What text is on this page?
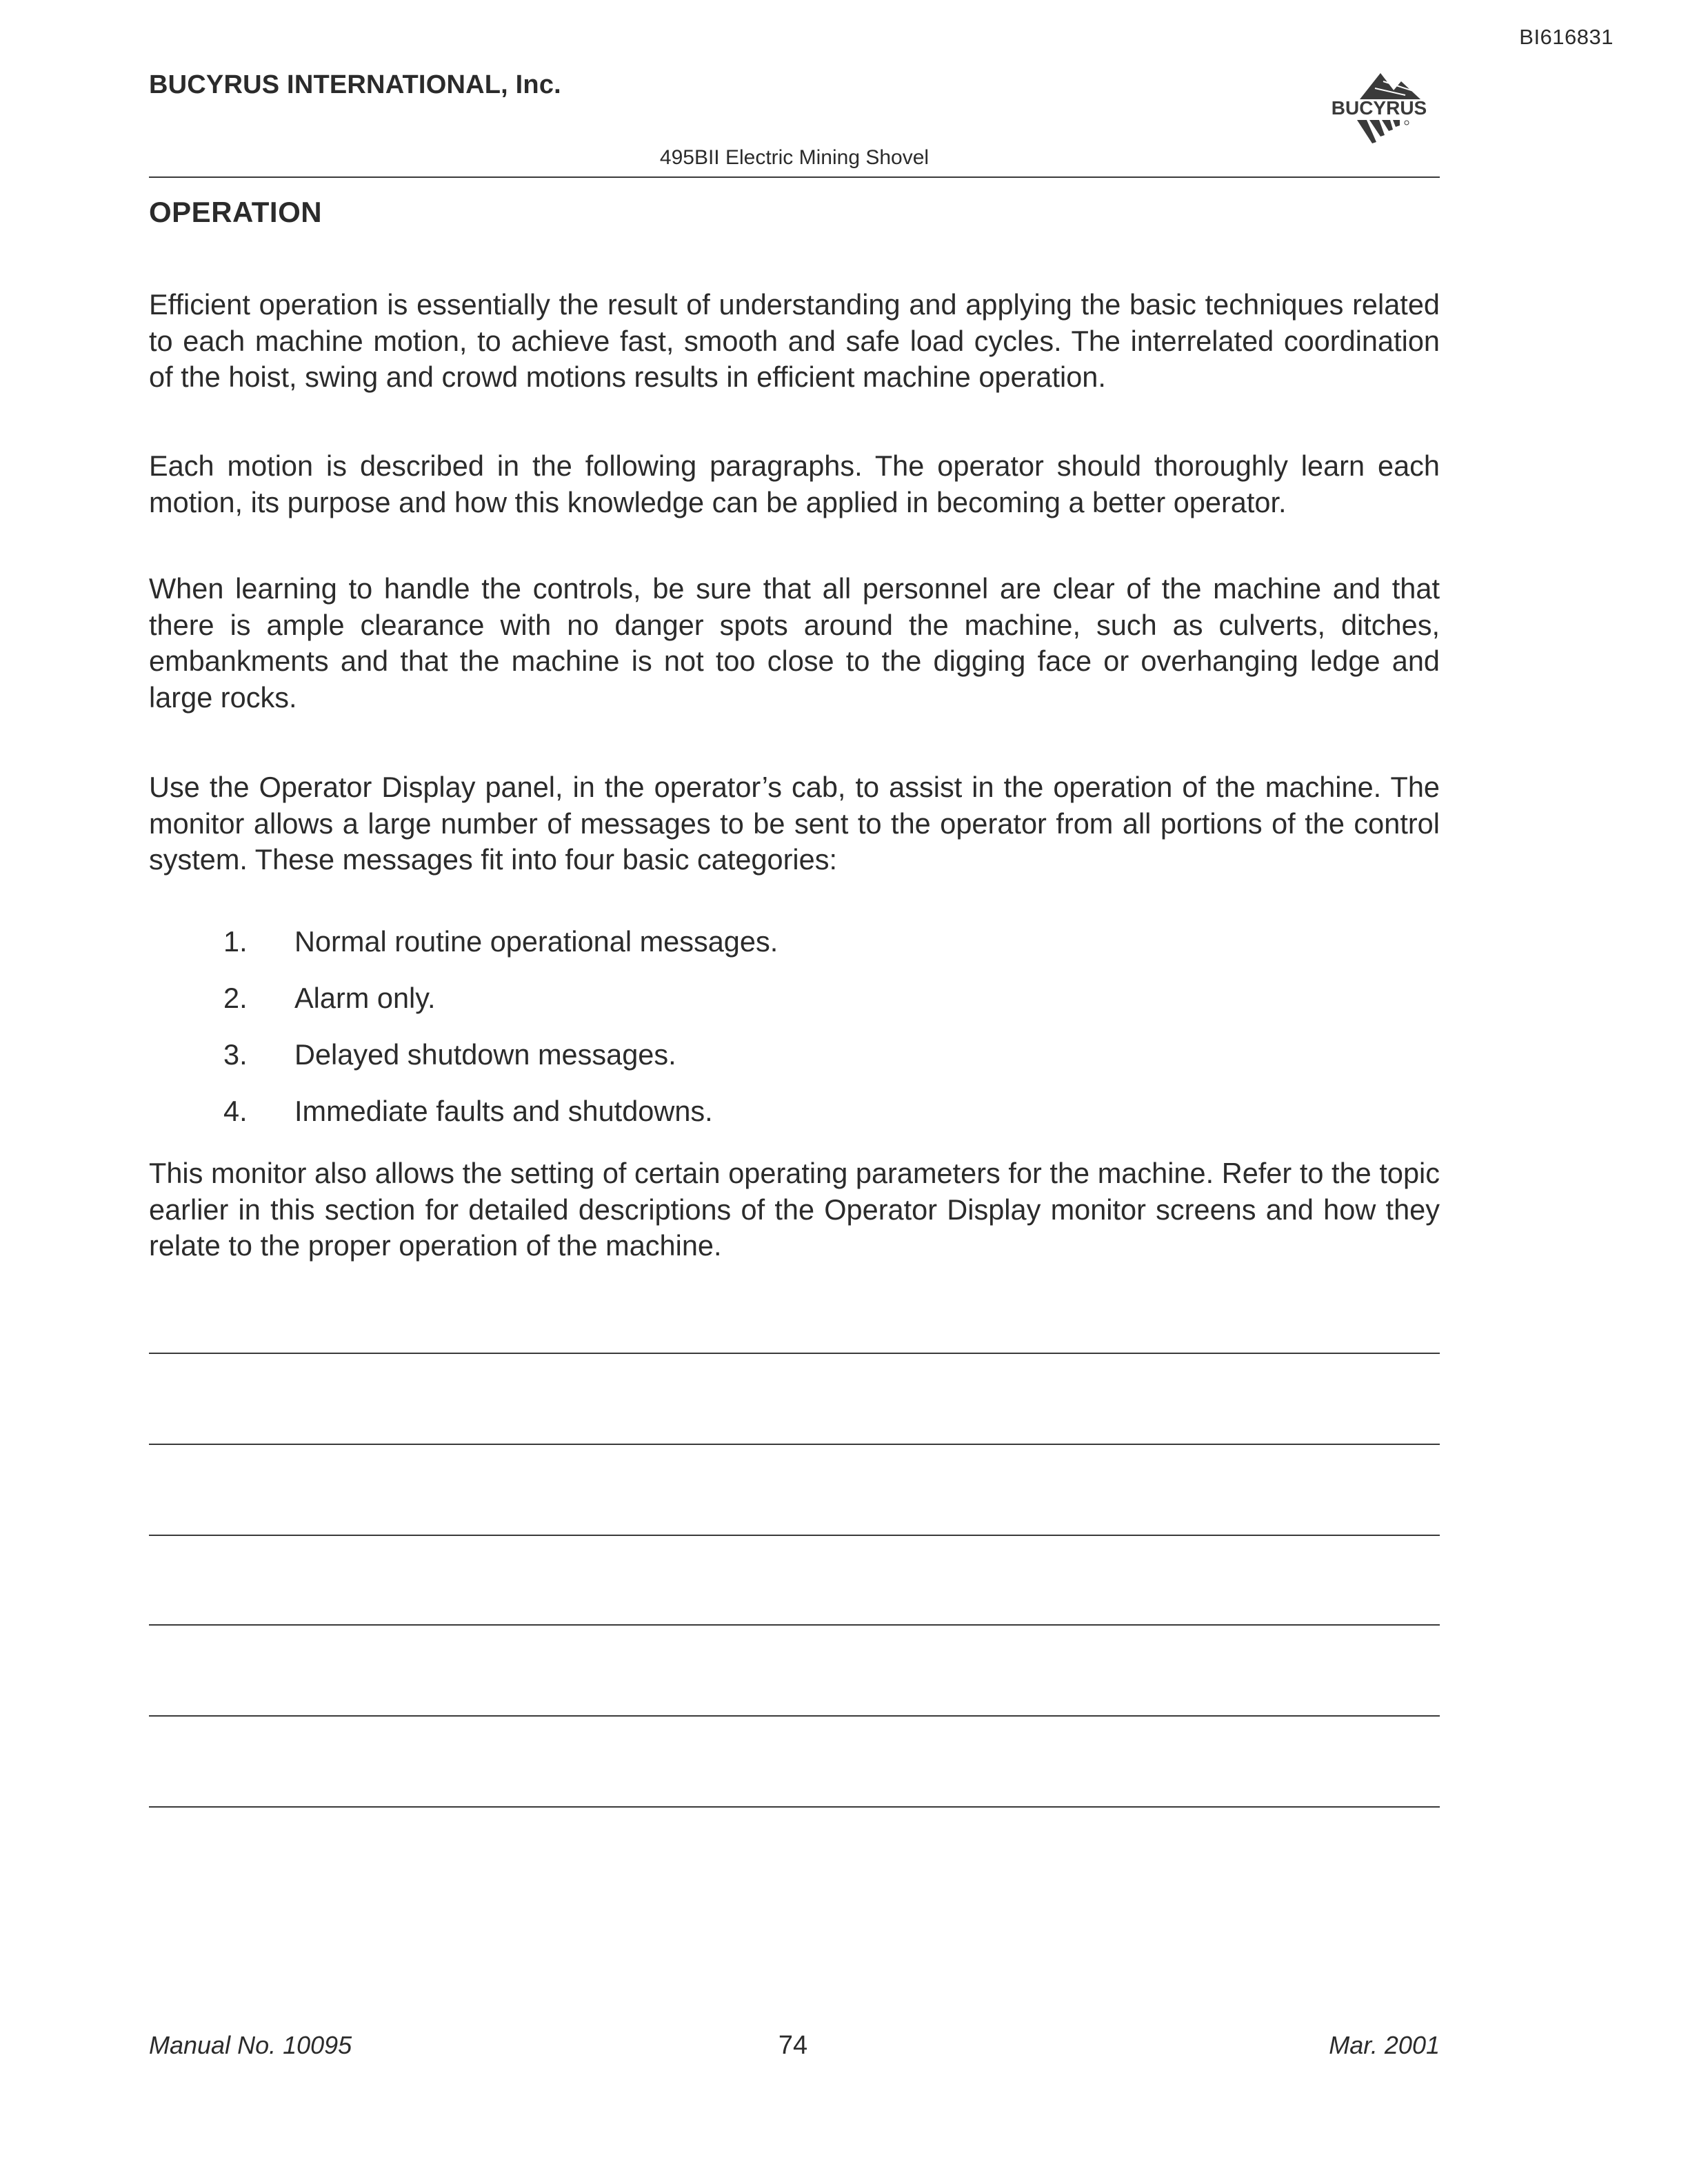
BI616831
BUCYRUS INTERNATIONAL, Inc.
BUCYRUS
495BII Electric Mining Shovel
OPERATION

Efficient operation is essentially the result of understanding and applying the basic techniques related to each machine motion, to achieve fast, smooth and safe load cycles. The interrelated coordination of the hoist, swing and crowd motions results in efficient machine operation.

Each motion is described in the following paragraphs. The operator should thoroughly learn each motion, its purpose and how this knowledge can be applied in becoming a better operator.

When learning to handle the controls, be sure that all personnel are clear of the machine and that there is ample clearance with no danger spots around the machine, such as culverts, ditches, embankments and that the machine is not too close to the digging face or overhanging ledge and large rocks.

Use the Operator Display panel, in the operator’s cab, to assist in the operation of the machine. The monitor allows a large number of messages to be sent to the operator from all portions of the control system. These messages fit into four basic categories:

1. Normal routine operational messages.
2. Alarm only.
3. Delayed shutdown messages.
4. Immediate faults and shutdowns.

This monitor also allows the setting of certain operating parameters for the machine. Refer to the topic earlier in this section for detailed descriptions of the Operator Display monitor screens and how they relate to the proper operation of the machine.

Manual No. 10095	74	Mar. 2001
